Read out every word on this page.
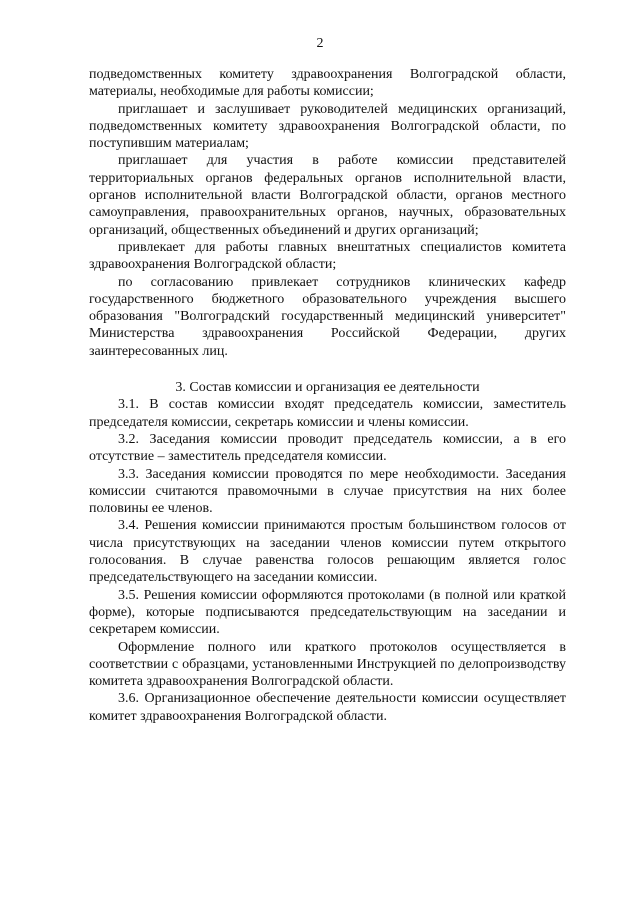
2

подведомственных комитету здравоохранения Волгоградской области, материалы, необходимые для работы комиссии;

приглашает и заслушивает руководителей медицинских организаций, подведомственных комитету здравоохранения Волгоградской области, по поступившим материалам;

приглашает для участия в работе комиссии представителей территориальных органов федеральных органов исполнительной власти, органов исполнительной власти Волгоградской области, органов местного самоуправления, правоохранительных органов, научных, образовательных организаций, общественных объединений и других организаций;

привлекает для работы главных внештатных специалистов комитета здравоохранения Волгоградской области;

по согласованию привлекает сотрудников клинических кафедр государственного бюджетного образовательного учреждения высшего образования "Волгоградский государственный медицинский университет" Министерства здравоохранения Российской Федерации, других заинтересованных лиц.

3. Состав комиссии и организация ее деятельности

3.1. В состав комиссии входят председатель комиссии, заместитель председателя комиссии, секретарь комиссии и члены комиссии.

3.2. Заседания комиссии проводит председатель комиссии, а в его отсутствие – заместитель председателя комиссии.

3.3. Заседания комиссии проводятся по мере необходимости. Заседания комиссии считаются правомочными в случае присутствия на них более половины ее членов.

3.4. Решения комиссии принимаются простым большинством голосов от числа присутствующих на заседании членов комиссии путем открытого голосования. В случае равенства голосов решающим является голос председательствующего на заседании комиссии.

3.5. Решения комиссии оформляются протоколами (в полной или краткой форме), которые подписываются председательствующим на заседании и секретарем комиссии.

Оформление полного или краткого протоколов осуществляется в соответствии с образцами, установленными Инструкцией по делопроизводству комитета здравоохранения Волгоградской области.

3.6. Организационное обеспечение деятельности комиссии осуществляет комитет здравоохранения Волгоградской области.
